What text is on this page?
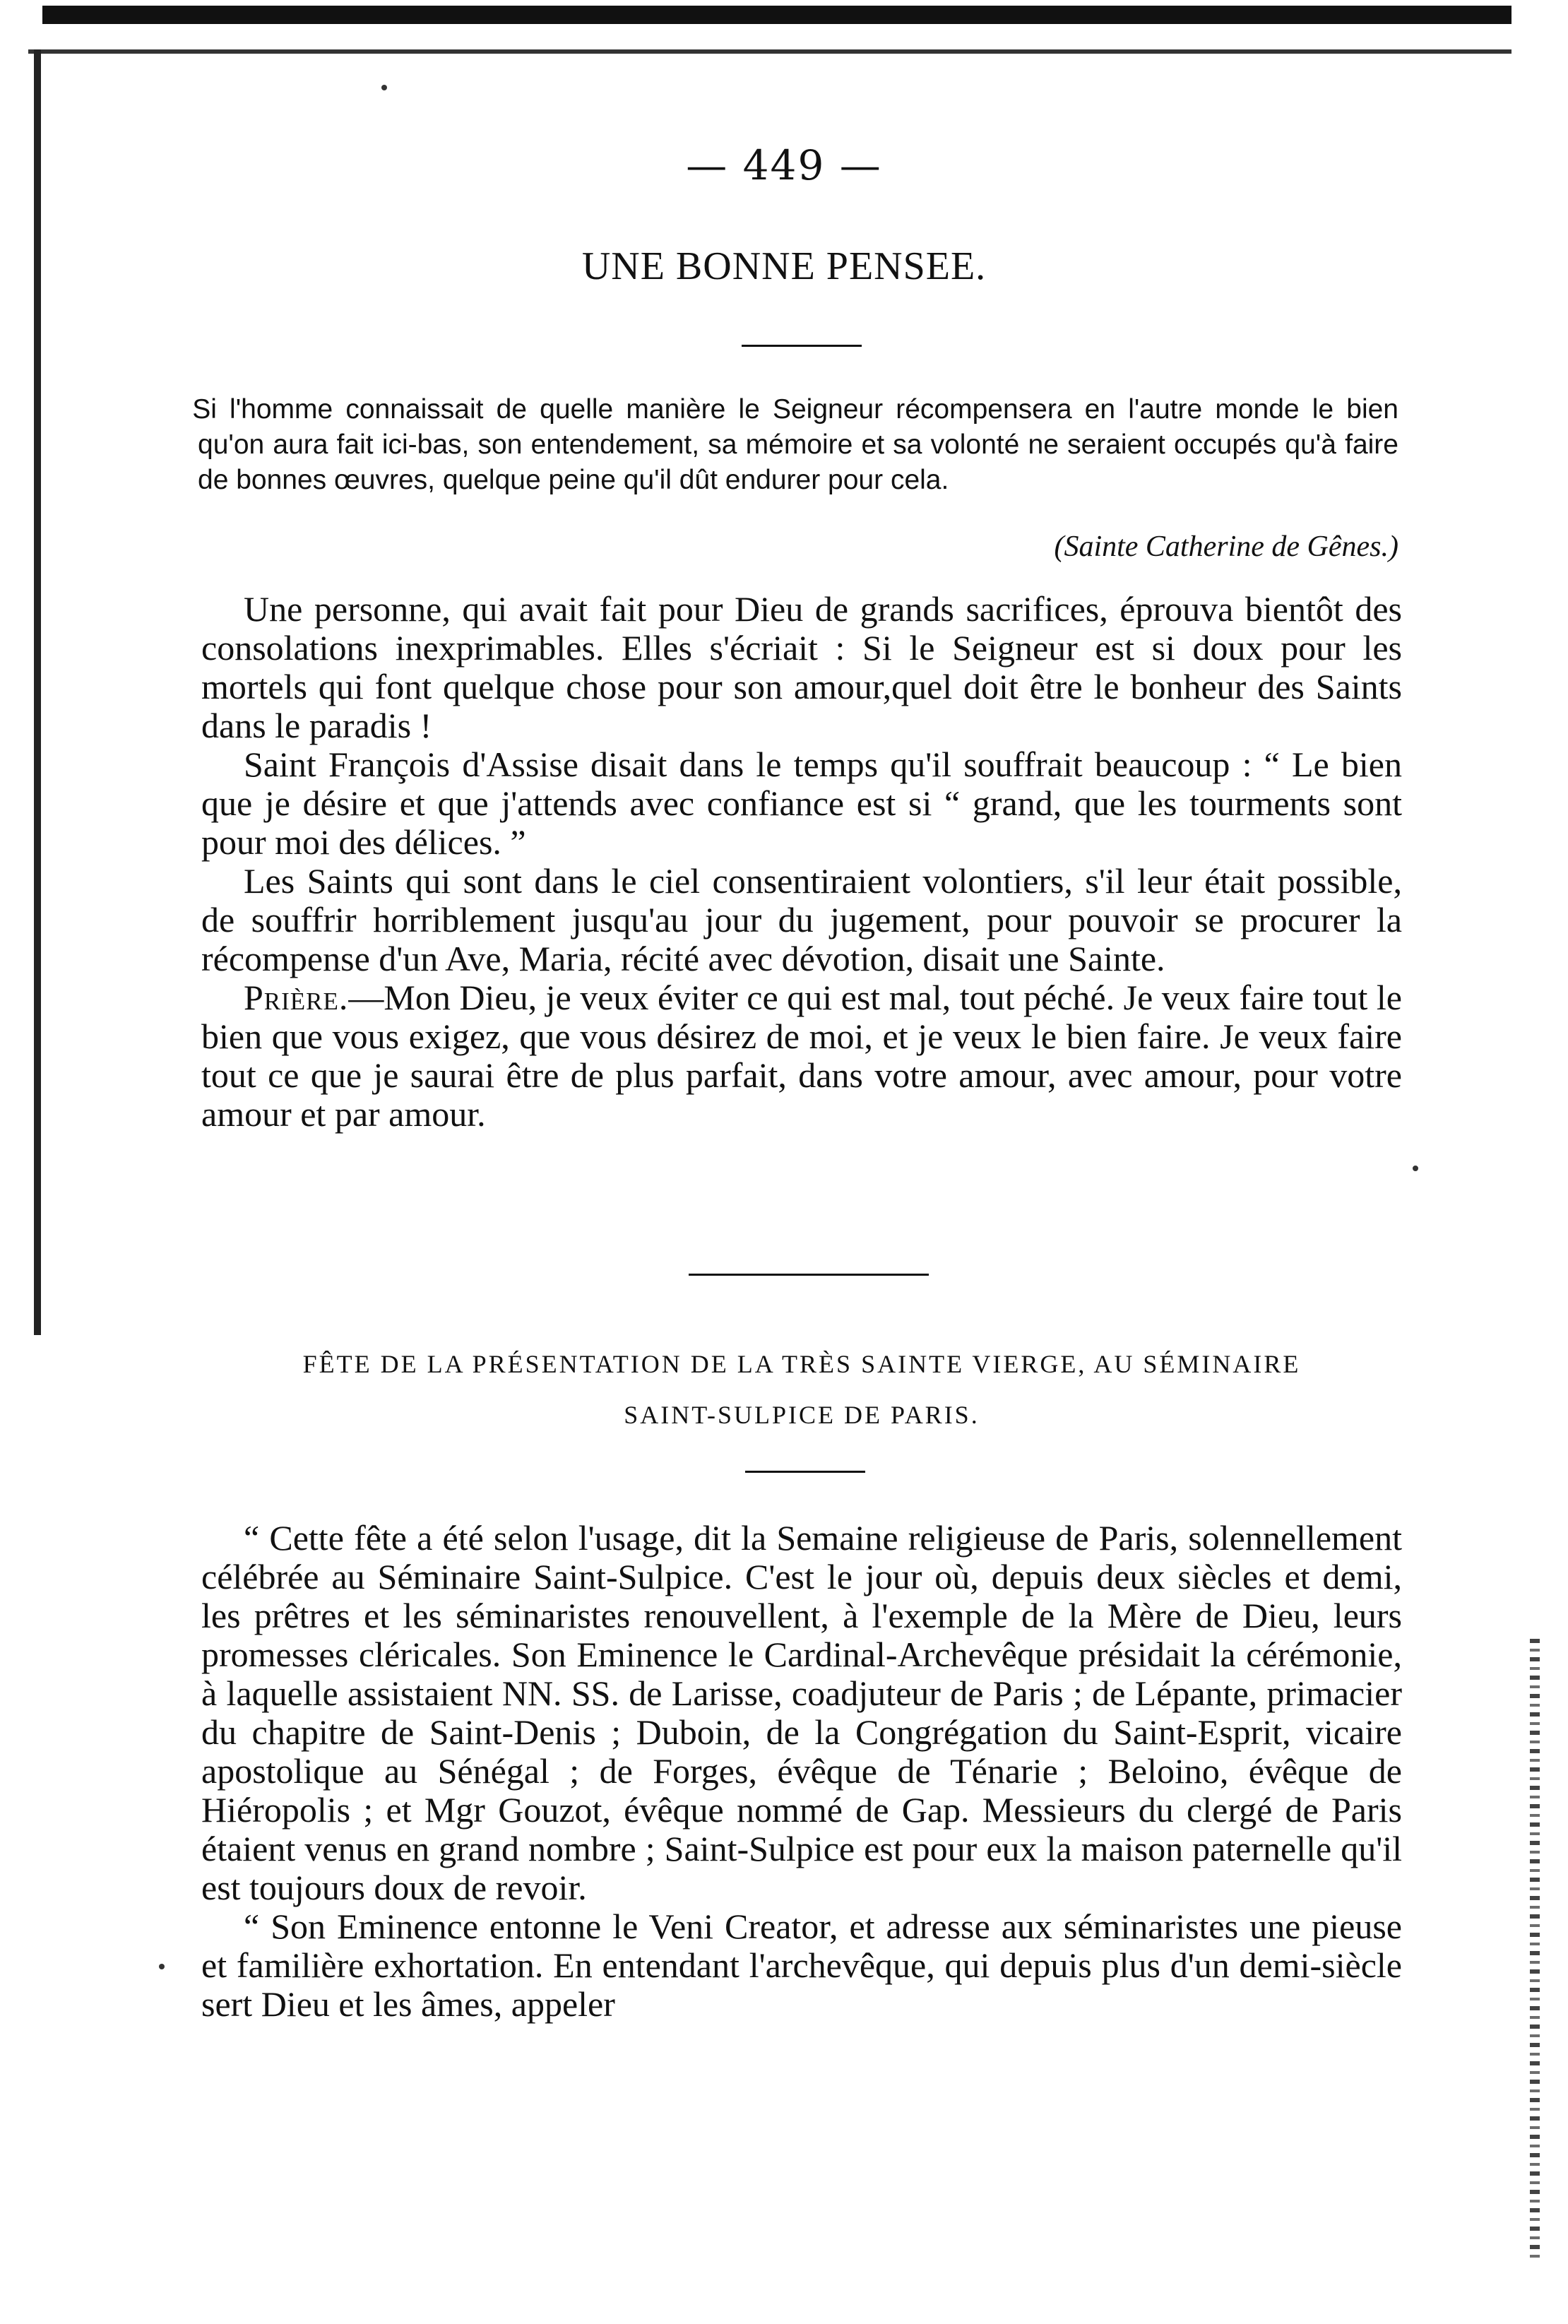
— 449 —
UNE BONNE PENSEE.
Si l'homme connaissait de quelle manière le Seigneur récompensera en l'autre monde le bien qu'on aura fait ici-bas, son entendement, sa mémoire et sa volonté ne seraient occupés qu'à faire de bonnes œuvres, quelque peine qu'il dût endurer pour cela.
(Sainte Catherine de Gênes.)

Une personne, qui avait fait pour Dieu de grands sacrifices, éprouva bientôt des consolations inexprimables. Elles s'écriait : Si le Seigneur est si doux pour les mortels qui font quelque chose pour son amour,quel doit être le bonheur des Saints dans le paradis !

Saint François d'Assise disait dans le temps qu'il souffrait beaucoup : “ Le bien que je désire et que j'attends avec confiance est si “ grand, que les tourments sont pour moi des délices. ”

Les Saints qui sont dans le ciel consentiraient volontiers, s'il leur était possible, de souffrir horriblement jusqu'au jour du jugement, pour pouvoir se procurer la récompense d'un Ave, Maria, récité avec dévotion, disait une Sainte.

Prière.—Mon Dieu, je veux éviter ce qui est mal, tout péché. Je veux faire tout le bien que vous exigez, que vous désirez de moi, et je veux le bien faire. Je veux faire tout ce que je saurai être de plus parfait, dans votre amour, avec amour, pour votre amour et par amour.

FÊTE DE LA PRÉSENTATION DE LA TRÈS SAINTE VIERGE, AU SÉMINAIRE
SAINT-SULPICE DE PARIS.

“ Cette fête a été selon l'usage, dit la Semaine religieuse de Paris, solennellement célébrée au Séminaire Saint-Sulpice. C'est le jour où, depuis deux siècles et demi, les prêtres et les séminaristes renouvellent, à l'exemple de la Mère de Dieu, leurs promesses cléricales. Son Eminence le Cardinal-Archevêque présidait la cérémonie, à laquelle assistaient NN. SS. de Larisse, coadjuteur de Paris ; de Lépante, primacier du chapitre de Saint-Denis ; Duboin, de la Congrégation du Saint-Esprit, vicaire apostolique au Sénégal ; de Forges, évêque de Ténarie ; Beloino, évêque de Hiéropolis ; et Mgr Gouzot, évêque nommé de Gap. Messieurs du clergé de Paris étaient venus en grand nombre ; Saint-Sulpice est pour eux la maison paternelle qu'il est toujours doux de revoir.

“ Son Eminence entonne le Veni Creator, et adresse aux séminaristes une pieuse et familière exhortation. En entendant l'archevêque, qui depuis plus d'un demi-siècle sert Dieu et les âmes, appeler
